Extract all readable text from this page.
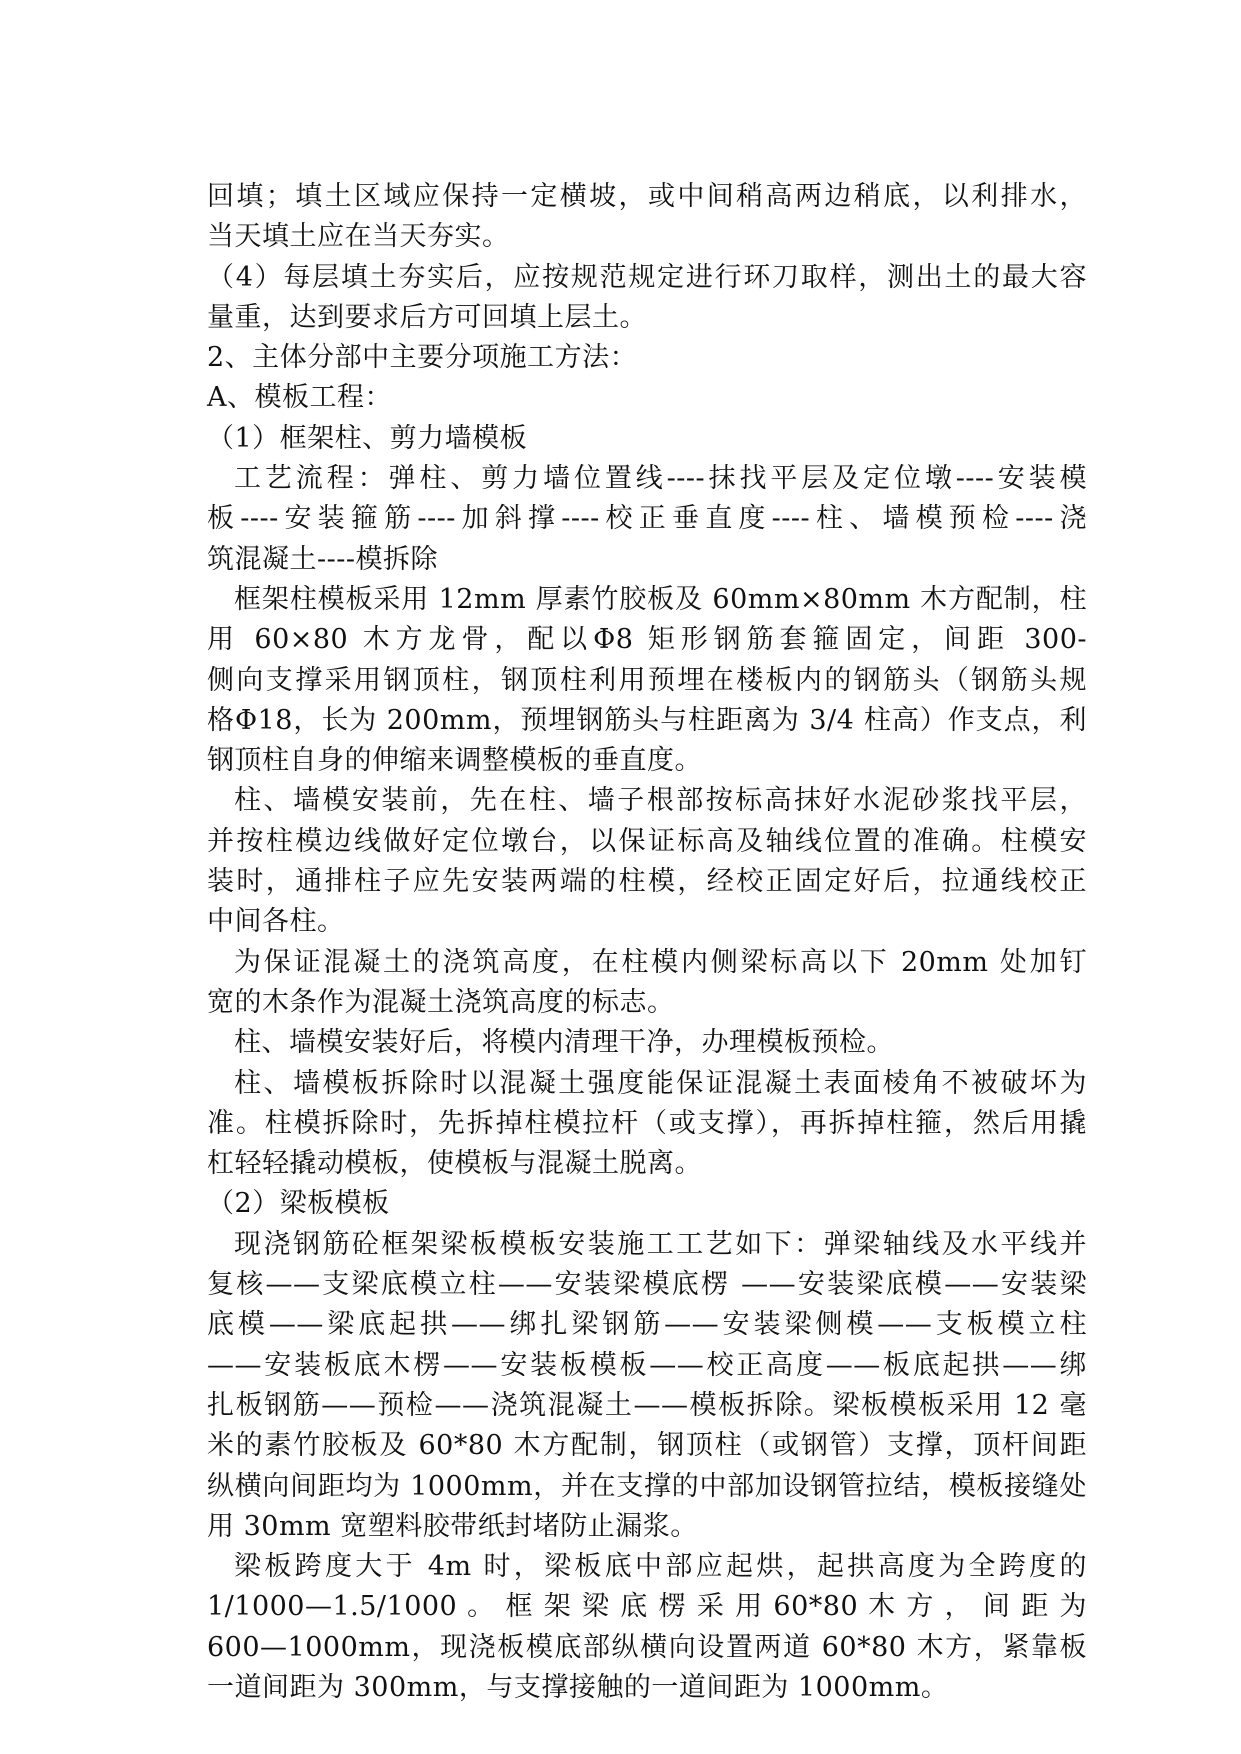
回填；填土区域应保持一定横坡，或中间稍高两边稍底，以利排水，
当天填土应在当天夯实。
（4）每层填土夯实后，应按规范规定进行环刀取样，测出土的最大容
量重，达到要求后方可回填上层土。
2、主体分部中主要分项施工方法：
A、模板工程：
（1）框架柱、剪力墙模板
工艺流程：弹柱、剪力墙位置线----抹找平层及定位墩----安装模
板----安装箍筋----加斜撑----校正垂直度----柱、墙模预检----浇
筑混凝土----模拆除
框架柱模板采用 12mm 厚素竹胶板及 60mm×80mm 木方配制，柱
用 60×80 木方龙骨，配以Φ8 矩形钢筋套箍固定，间距 300-
侧向支撑采用钢顶柱，钢顶柱利用预埋在楼板内的钢筋头（钢筋头规
格Φ18，长为 200mm，预埋钢筋头与柱距离为 3/4 柱高）作支点，利
钢顶柱自身的伸缩来调整模板的垂直度。
柱、墙模安装前，先在柱、墙子根部按标高抹好水泥砂浆找平层，
并按柱模边线做好定位墩台，以保证标高及轴线位置的准确。柱模安
装时，通排柱子应先安装两端的柱模，经校正固定好后，拉通线校正
中间各柱。
为保证混凝土的浇筑高度，在柱模内侧梁标高以下 20mm 处加钉
宽的木条作为混凝土浇筑高度的标志。
柱、墙模安装好后，将模内清理干净，办理模板预检。
柱、墙模板拆除时以混凝土强度能保证混凝土表面棱角不被破坏为
准。柱模拆除时，先拆掉柱模拉杆（或支撑），再拆掉柱箍，然后用撬
杠轻轻撬动模板，使模板与混凝土脱离。
（2）梁板模板
现浇钢筋砼框架梁板模板安装施工工艺如下：弹梁轴线及水平线并
复核——支梁底模立柱——安装梁模底楞 ——安装梁底模——安装梁
底模——梁底起拱——绑扎梁钢筋——安装梁侧模——支板模立柱
——安装板底木楞——安装板模板——校正高度——板底起拱——绑
扎板钢筋——预检——浇筑混凝土——模板拆除。梁板模板采用 12 毫
米的素竹胶板及 60*80 木方配制，钢顶柱（或钢管）支撑，顶杆间距
纵横向间距均为 1000mm，并在支撑的中部加设钢管拉结，模板接缝处
用 30mm 宽塑料胶带纸封堵防止漏浆。
梁板跨度大于 4m 时，梁板底中部应起烘，起拱高度为全跨度的
1/1000—1.5/1000 。 框 架 梁 底 楞 采 用 60*80 木 方 ， 间 距 为
600—1000mm，现浇板模底部纵横向设置两道 60*80 木方，紧靠板
一道间距为 300mm，与支撑接触的一道间距为 1000mm。
